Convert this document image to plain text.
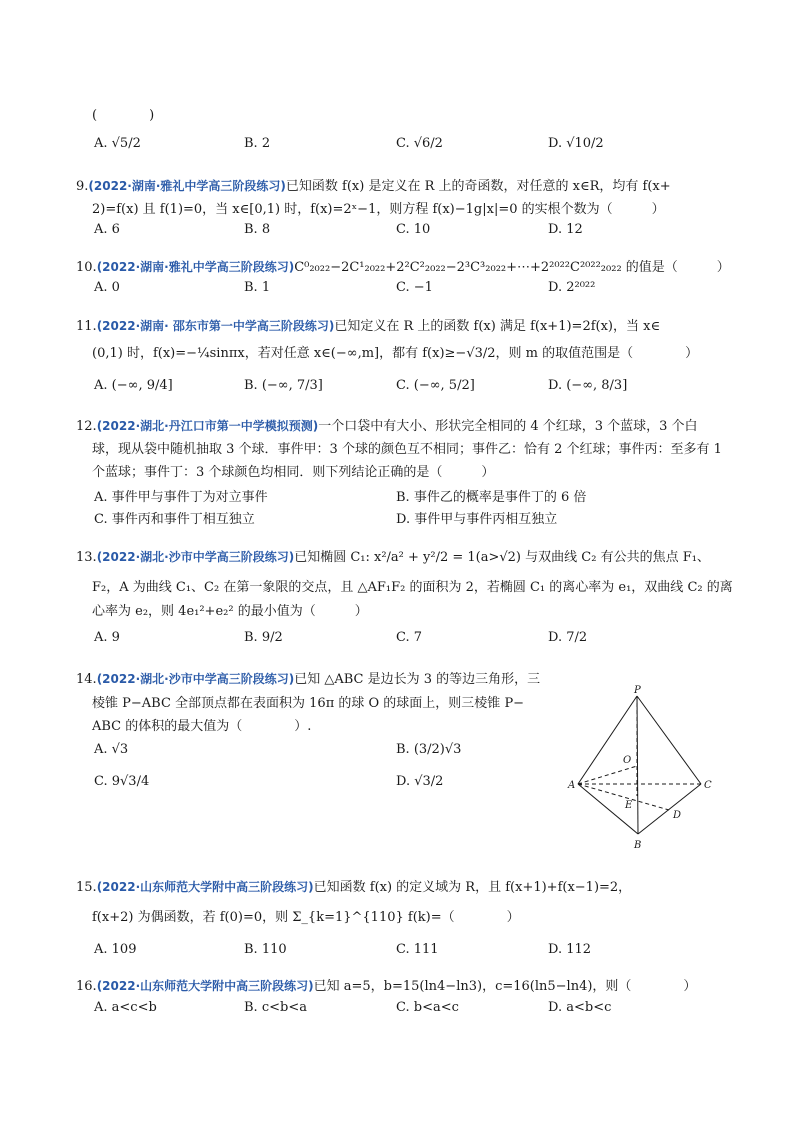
(　　　　)
A. √5/2	B. 2	C. √6/2	D. √10/2
9.(2022·湖南·雅礼中学高三阶段练习)已知函数 f(x) 是定义在 R 上的奇函数，对任意的 x∈R，均有 f(x+
2)=f(x) 且 f(1)=0，当 x∈[0,1) 时，f(x)=2ˣ−1，则方程 f(x)−1g|x|=0 的实根个数为（　　　）
A. 6	B. 8	C. 10	D. 12
10.(2022·湖南·雅礼中学高三阶段练习)C⁰₂₀₂₂−2C¹₂₀₂₂+2²C²₂₀₂₂−2³C³₂₀₂₂+⋯+2²⁰²²C²⁰²²₂₀₂₂ 的值是（　　　）
A. 0	B. 1	C. −1	D. 2²⁰²²
11.(2022·湖南· 邵东市第一中学高三阶段练习)已知定义在 R 上的函数 f(x) 满足 f(x+1)=2f(x)，当 x∈
(0,1) 时，f(x)=−¼sinπx，若对任意 x∈(−∞,m]，都有 f(x)≥−√3/2，则 m 的取值范围是（　　　　）
A. (−∞, 9/4]	B. (−∞, 7/3]	C. (−∞, 5/2]	D. (−∞, 8/3]
12.(2022·湖北·丹江口市第一中学模拟预测)一个口袋中有大小、形状完全相同的 4 个红球，3 个蓝球，3 个白
球，现从袋中随机抽取 3 个球．事件甲：3 个球的颜色互不相同；事件乙：恰有 2 个红球；事件丙：至多有 1
个蓝球；事件丁：3 个球颜色均相同．则下列结论正确的是（　　　）
A. 事件甲与事件丁为对立事件	B. 事件乙的概率是事件丁的 6 倍
C. 事件丙和事件丁相互独立	D. 事件甲与事件丙相互独立
13.(2022·湖北·沙市中学高三阶段练习)已知椭圆 C₁: x²/a² + y²/2 = 1(a>√2) 与双曲线 C₂ 有公共的焦点 F₁、
F₂，A 为曲线 C₁、C₂ 在第一象限的交点，且 △AF₁F₂ 的面积为 2，若椭圆 C₁ 的离心率为 e₁，双曲线 C₂ 的离
心率为 e₂，则 4e₁²+e₂² 的最小值为（　　　）
A. 9	B. 9/2	C. 7	D. 7/2
14.(2022·湖北·沙市中学高三阶段练习)已知 △ABC 是边长为 3 的等边三角形，三
棱锥 P−ABC 全部顶点都在表面积为 16π 的球 O 的球面上，则三棱锥 P−
ABC 的体积的最大值为（　　　　）.
A. √3	B. (3/2)√3
C. 9√3/4	D. √3/2
P
O
A	C
E
D
B
15.(2022·山东师范大学附中高三阶段练习)已知函数 f(x) 的定义域为 R，且 f(x+1)+f(x−1)=2，
f(x+2) 为偶函数，若 f(0)=0，则 Σ_{k=1}^{110} f(k)=（　　　　）
A. 109	B. 110	C. 111	D. 112
16.(2022·山东师范大学附中高三阶段练习)已知 a=5，b=15(ln4−ln3)，c=16(ln5−ln4)，则（　　　　）
A. a<c<b	B. c<b<a	C. b<a<c	D. a<b<c
